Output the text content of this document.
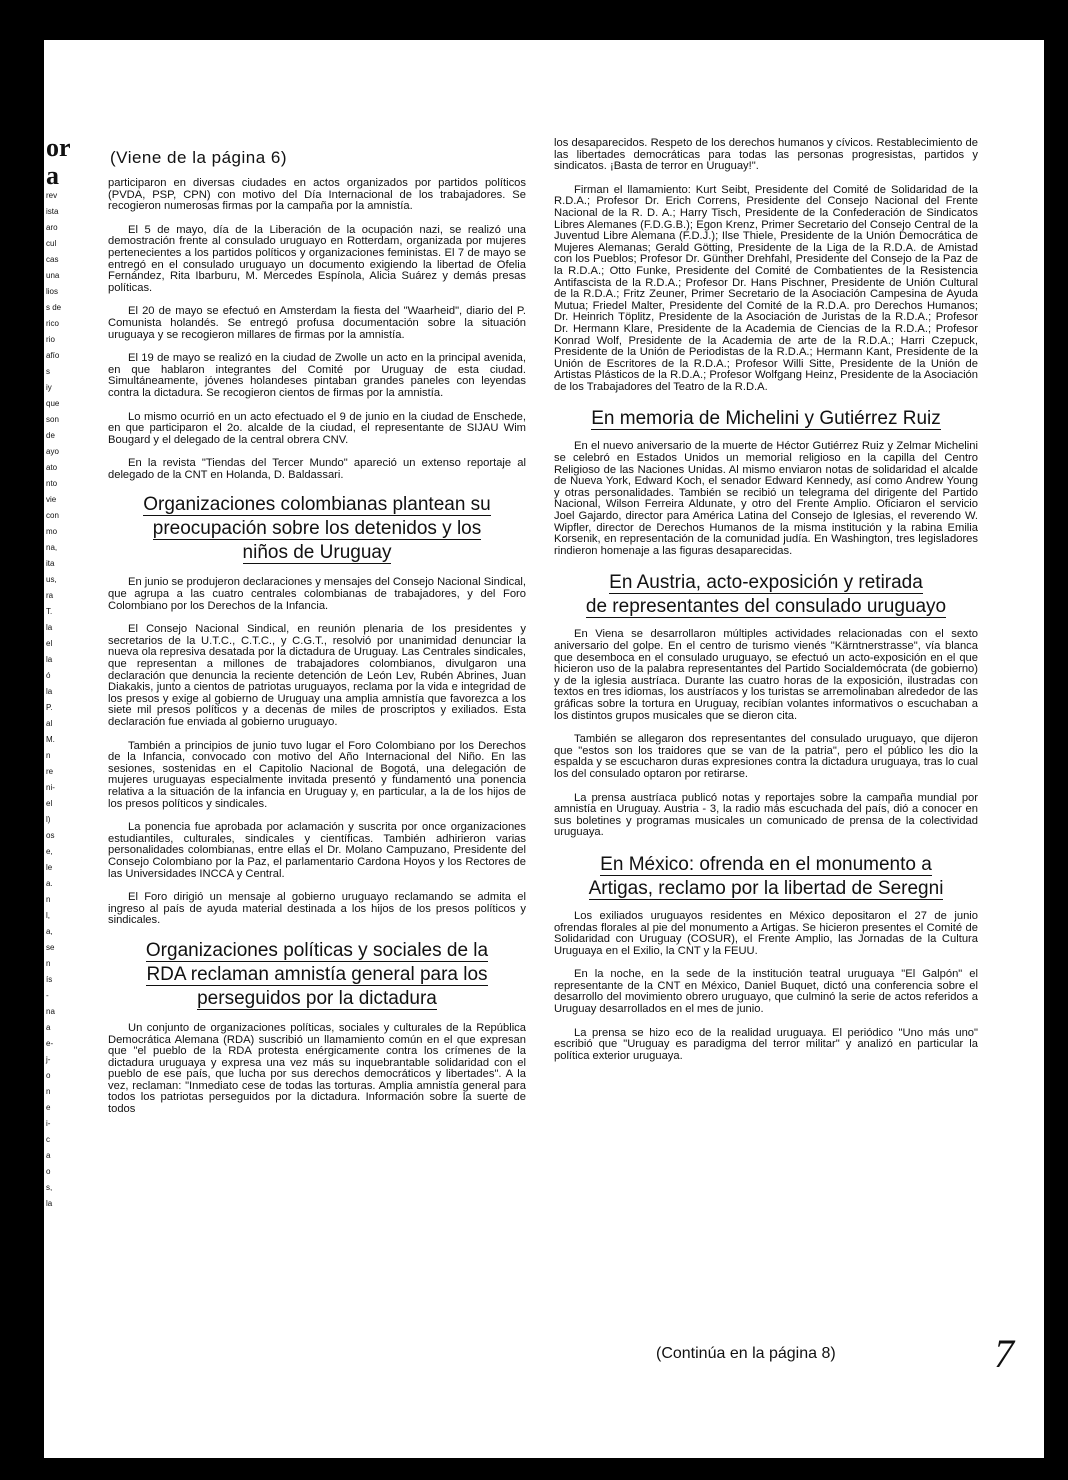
or
a
rev
ista
aro
cul
cas
una
lios
s de
rico
rio
afío
s
iy
que
son
de
ayo
ato
nto
vie
con
mo
na,
ita
us,
ra
T.
la
el
la
ó
la
P.
al
M.
n
re
ni-
el
l)
os
e,
le
a.
n
l,
a,
se
n
ís
-
na
a
e-
j-
o
n
e
i-
c
a
o
s,
la
(Viene de la página 6)

participaron en diversas ciudades en actos organizados por partidos políticos (PVDA, PSP, CPN) con motivo del Día Internacional de los trabajadores. Se recogieron numerosas firmas por la campaña por la amnistía.

El 5 de mayo, día de la Liberación de la ocupación nazi, se realizó una demostración frente al consulado uruguayo en Rotterdam, organizada por mujeres pertenecientes a los partidos políticos y organizaciones feministas. El 7 de mayo se entregó en el consulado uruguayo un documento exigiendo la libertad de Ofelia Fernández, Rita Ibarburu, M. Mercedes Espínola, Alicia Suárez y demás presas políticas.

El 20 de mayo se efectuó en Amsterdam la fiesta del "Waarheid", diario del P. Comunista holandés. Se entregó profusa documentación sobre la situación uruguaya y se recogieron millares de firmas por la amnistía.

El 19 de mayo se realizó en la ciudad de Zwolle un acto en la principal avenida, en que hablaron integrantes del Comité por Uruguay de esta ciudad. Simultáneamente, jóvenes holandeses pintaban grandes paneles con leyendas contra la dictadura. Se recogieron cientos de firmas por la amnistía.

Lo mismo ocurrió en un acto efectuado el 9 de junio en la ciudad de Enschede, en que participaron el 2o. alcalde de la ciudad, el representante de SIJAU Wim Bougard y el delegado de la central obrera CNV.

En la revista "Tiendas del Tercer Mundo" apareció un extenso reportaje al delegado de la CNT en Holanda, D. Baldassari.

Organizaciones colombianas plantean su
preocupación sobre los detenidos y los
niños de Uruguay

En junio se produjeron declaraciones y mensajes del Consejo Nacional Sindical, que agrupa a las cuatro centrales colombianas de trabajadores, y del Foro Colombiano por los Derechos de la Infancia.

El Consejo Nacional Sindical, en reunión plenaria de los presidentes y secretarios de la U.T.C., C.T.C., y C.G.T., resolvió por unanimidad denunciar la nueva ola represiva desatada por la dictadura de Uruguay. Las Centrales sindicales, que representan a millones de trabajadores colombianos, divulgaron una declaración que denuncia la reciente detención de León Lev, Rubén Abrines, Juan Diakakis, junto a cientos de patriotas uruguayos, reclama por la vida e integridad de los presos y exige al gobierno de Uruguay una amplia amnistía que favorezca a los siete mil presos políticos y a decenas de miles de proscriptos y exiliados. Esta declaración fue enviada al gobierno uruguayo.

También a principios de junio tuvo lugar el Foro Colombiano por los Derechos de la Infancia, convocado con motivo del Año Internacional del Niño. En las sesiones, sostenidas en el Capitolio Nacional de Bogotá, una delegación de mujeres uruguayas especialmente invitada presentó y fundamentó una ponencia relativa a la situación de la infancia en Uruguay y, en particular, a la de los hijos de los presos políticos y sindicales.

La ponencia fue aprobada por aclamación y suscrita por once organizaciones estudiantiles, culturales, sindicales y científicas. También adhirieron varias personalidades colombianas, entre ellas el Dr. Molano Campuzano, Presidente del Consejo Colombiano por la Paz, el parlamentario Cardona Hoyos y los Rectores de las Universidades INCCA y Central.

El Foro dirigió un mensaje al gobierno uruguayo reclamando se admita el ingreso al país de ayuda material destinada a los hijos de los presos políticos y sindicales.

Organizaciones políticas y sociales de la
RDA reclaman amnistía general para los
perseguidos por la dictadura

Un conjunto de organizaciones políticas, sociales y culturales de la República Democrática Alemana (RDA) suscribió un llamamiento común en el que expresan que "el pueblo de la RDA protesta enérgicamente contra los crímenes de la dictadura uruguaya y expresa una vez más su inquebrantable solidaridad con el pueblo de ese país, que lucha por sus derechos democráticos y libertades". A la vez, reclaman: "Inmediato cese de todas las torturas. Amplia amnistía general para todos los patriotas perseguidos por la dictadura. Información sobre la suerte de todos

los desaparecidos. Respeto de los derechos humanos y cívicos. Restablecimiento de las libertades democráticas para todas las personas progresistas, partidos y sindicatos. ¡Basta de terror en Uruguay!".

Firman el llamamiento: Kurt Seibt, Presidente del Comité de Solidaridad de la R.D.A.; Profesor Dr. Erich Correns, Presidente del Consejo Nacional del Frente Nacional de la R. D. A.; Harry Tisch, Presidente de la Confederación de Sindicatos Libres Alemanes (F.D.G.B.); Egon Krenz, Primer Secretario del Consejo Central de la Juventud Libre Alemana (F.D.J.); Ilse Thiele, Presidente de la Unión Democrática de Mujeres Alemanas; Gerald Götting, Presidente de la Liga de la R.D.A. de Amistad con los Pueblos; Profesor Dr. Günther Drehfahl, Presidente del Consejo de la Paz de la R.D.A.; Otto Funke, Presidente del Comité de Combatientes de la Resistencia Antifascista de la R.D.A.; Profesor Dr. Hans Pischner, Presidente de Unión Cultural de la R.D.A.; Fritz Zeuner, Primer Secretario de la Asociación Campesina de Ayuda Mutua; Friedel Malter, Presidente del Comité de la R.D.A. pro Derechos Humanos; Dr. Heinrich Töplitz, Presidente de la Asociación de Juristas de la R.D.A.; Profesor Dr. Hermann Klare, Presidente de la Academia de Ciencias de la R.D.A.; Profesor Konrad Wolf, Presidente de la Academia de arte de la R.D.A.; Harri Czepuck, Presidente de la Unión de Periodistas de la R.D.A.; Hermann Kant, Presidente de la Unión de Escritores de la R.D.A.; Profesor Willi Sitte, Presidente de la Unión de Artistas Plásticos de la R.D.A.; Profesor Wolfgang Heinz, Presidente de la Asociación de los Trabajadores del Teatro de la R.D.A.

En memoria de Michelini y Gutiérrez Ruiz

En el nuevo aniversario de la muerte de Héctor Gutiérrez Ruiz y Zelmar Michelini se celebró en Estados Unidos un memorial religioso en la capilla del Centro Religioso de las Naciones Unidas. Al mismo enviaron notas de solidaridad el alcalde de Nueva York, Edward Koch, el senador Edward Kennedy, así como Andrew Young y otras personalidades. También se recibió un telegrama del dirigente del Partido Nacional, Wilson Ferreira Aldunate, y otro del Frente Amplio. Oficiaron el servicio Joel Gajardo, director para América Latina del Consejo de Iglesias, el reverendo W. Wipfler, director de Derechos Humanos de la misma institución y la rabina Emilia Korsenik, en representación de la comunidad judía. En Washington, tres legisladores rindieron homenaje a las figuras desaparecidas.

En Austria, acto-exposición y retirada
de representantes del consulado uruguayo

En Viena se desarrollaron múltiples actividades relacionadas con el sexto aniversario del golpe. En el centro de turismo vienés "Kärntnerstrasse", vía blanca que desemboca en el consulado uruguayo, se efectuó un acto-exposición en el que hicieron uso de la palabra representantes del Partido Socialdemócrata (de gobierno) y de la iglesia austríaca. Durante las cuatro horas de la exposición, ilustradas con textos en tres idiomas, los austríacos y los turistas se arremolinaban alrededor de las gráficas sobre la tortura en Uruguay, recibían volantes informativos o escuchaban a los distintos grupos musicales que se dieron cita.

También se allegaron dos representantes del consulado uruguayo, que dijeron que "estos son los traidores que se van de la patria", pero el público les dio la espalda y se escucharon duras expresiones contra la dictadura uruguaya, tras lo cual los del consulado optaron por retirarse.

La prensa austríaca publicó notas y reportajes sobre la campaña mundial por amnistía en Uruguay. Austria - 3, la radio más escuchada del país, dió a conocer en sus boletines y programas musicales un comunicado de prensa de la colectividad uruguaya.

En México: ofrenda en el monumento a
Artigas, reclamo por la libertad de Seregni

Los exiliados uruguayos residentes en México depositaron el 27 de junio ofrendas florales al pie del monumento a Artigas. Se hicieron presentes el Comité de Solidaridad con Uruguay (COSUR), el Frente Amplio, las Jornadas de la Cultura Uruguaya en el Exilio, la CNT y la FEUU.

En la noche, en la sede de la institución teatral uruguaya "El Galpón" el representante de la CNT en México, Daniel Buquet, dictó una conferencia sobre el desarrollo del movimiento obrero uruguayo, que culminó la serie de actos referidos a Uruguay desarrollados en el mes de junio.

La prensa se hizo eco de la realidad uruguaya. El periódico "Uno más uno" escribió que "Uruguay es paradigma del terror militar" y analizó en particular la política exterior uruguaya.

(Continúa en la página 8)	7
